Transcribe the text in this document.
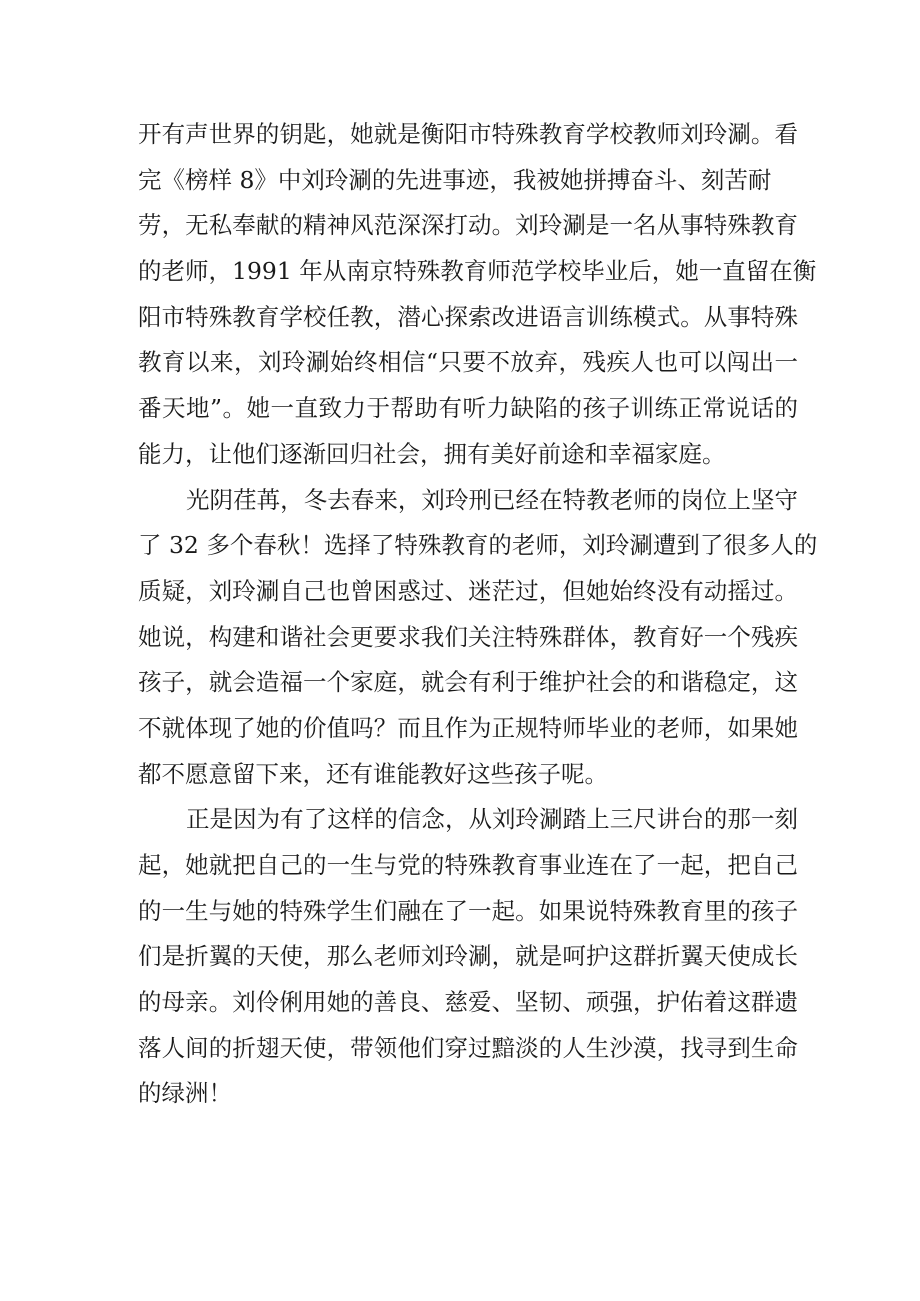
开有声世界的钥匙，她就是衡阳市特殊教育学校教师刘玲涮。看
完《榜样 8》中刘玲涮的先进事迹，我被她拼搏奋斗、刻苦耐
劳，无私奉献的精神风范深深打动。刘玲涮是一名从事特殊教育
的老师，1991 年从南京特殊教育师范学校毕业后，她一直留在衡
阳市特殊教育学校任教，潜心探索改进语言训练模式。从事特殊
教育以来，刘玲涮始终相信“只要不放弃，残疾人也可以闯出一
番天地”。她一直致力于帮助有听力缺陷的孩子训练正常说话的
能力，让他们逐渐回归社会，拥有美好前途和幸福家庭。
光阴荏苒，冬去春来，刘玲刑已经在特教老师的岗位上坚守
了 32 多个春秋！选择了特殊教育的老师，刘玲涮遭到了很多人的
质疑，刘玲涮自己也曾困惑过、迷茫过，但她始终没有动摇过。
她说，构建和谐社会更要求我们关注特殊群体，教育好一个残疾
孩子，就会造福一个家庭，就会有利于维护社会的和谐稳定，这
不就体现了她的价值吗？而且作为正规特师毕业的老师，如果她
都不愿意留下来，还有谁能教好这些孩子呢。
正是因为有了这样的信念，从刘玲涮踏上三尺讲台的那一刻
起，她就把自己的一生与党的特殊教育事业连在了一起，把自己
的一生与她的特殊学生们融在了一起。如果说特殊教育里的孩子
们是折翼的天使，那么老师刘玲涮，就是呵护这群折翼天使成长
的母亲。刘伶俐用她的善良、慈爱、坚韧、顽强，护佑着这群遗
落人间的折翅天使，带领他们穿过黯淡的人生沙漠，找寻到生命
的绿洲！
